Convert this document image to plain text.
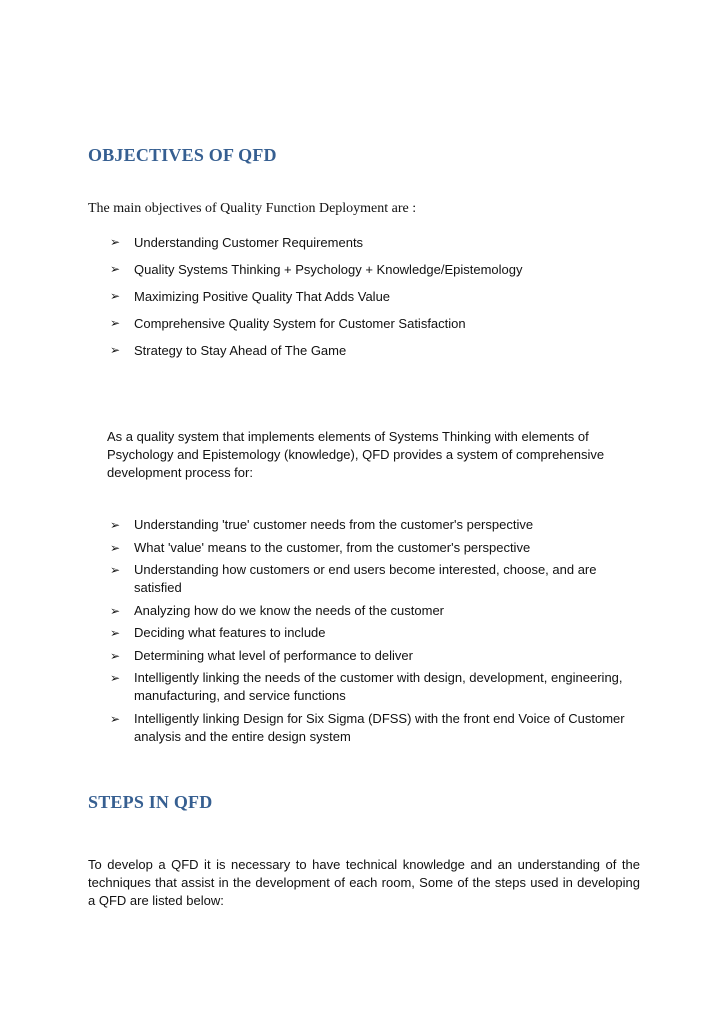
OBJECTIVES OF QFD

The main objectives of Quality Function Deployment are :

➢ Understanding Customer Requirements
➢ Quality Systems Thinking + Psychology + Knowledge/Epistemology
➢ Maximizing Positive Quality That Adds Value
➢ Comprehensive Quality System for Customer Satisfaction
➢ Strategy to Stay Ahead of The Game

As a quality system that implements elements of Systems Thinking with elements of Psychology and Epistemology (knowledge), QFD provides a system of comprehensive development process for:

➢ Understanding 'true' customer needs from the customer's perspective
➢ What 'value' means to the customer, from the customer's perspective
➢ Understanding how customers or end users become interested, choose, and are satisfied
➢ Analyzing how do we know the needs of the customer
➢ Deciding what features to include
➢ Determining what level of performance to deliver
➢ Intelligently linking the needs of the customer with design, development, engineering, manufacturing, and service functions
➢ Intelligently linking Design for Six Sigma (DFSS) with the front end Voice of Customer analysis and the entire design system
STEPS IN QFD

To develop a QFD it is necessary to have technical knowledge and an understanding of the techniques that assist in the development of each room, Some of the steps used in developing a QFD are listed below:
